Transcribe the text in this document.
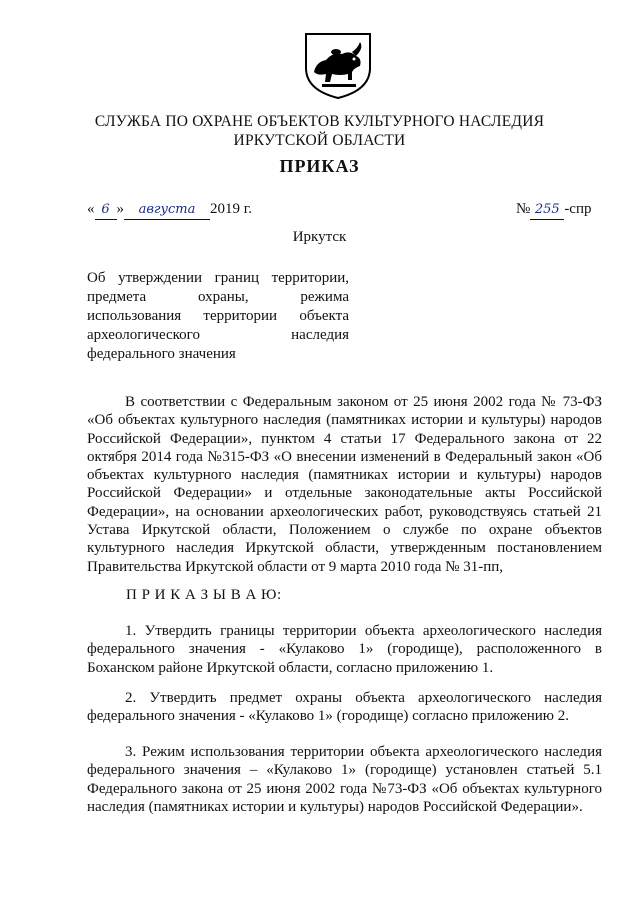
СЛУЖБА ПО ОХРАНЕ ОБЪЕКТОВ КУЛЬТУРНОГО НАСЛЕДИЯ
ИРКУТСКОЙ ОБЛАСТИ
ПРИКАЗ
« 6 » августа 2019 г.	№ 255 -спр
Иркутск
Об утверждении границ территории, предмета охраны, режима использования территории объекта археологического наследия федерального значения
В соответствии с Федеральным законом от 25 июня 2002 года № 73-ФЗ «Об объектах культурного наследия (памятниках истории и культуры) народов Российской Федерации», пунктом 4 статьи 17 Федерального закона от 22 октября 2014 года №315-ФЗ «О внесении изменений в Федеральный закон «Об объектах культурного наследия (памятниках истории и культуры) народов Российской Федерации» и отдельные законодательные акты Российской Федерации», на основании археологических работ, руководствуясь статьей 21 Устава Иркутской области, Положением о службе по охране объектов культурного наследия Иркутской области, утвержденным постановлением Правительства Иркутской области от 9 марта 2010 года № 31-пп,
П Р И К А З Ы В А Ю:
1. Утвердить границы территории объекта археологического наследия федерального значения - «Кулаково 1» (городище), расположенного в Боханском районе Иркутской области, согласно приложению 1.
2. Утвердить предмет охраны объекта археологического наследия федерального значения - «Кулаково 1» (городище) согласно приложению 2.
3. Режим использования территории объекта археологического наследия федерального значения – «Кулаково 1» (городище) установлен статьей 5.1 Федерального закона от 25 июня 2002 года №73-ФЗ «Об объектах культурного наследия (памятниках истории и культуры) народов Российской Федерации».
